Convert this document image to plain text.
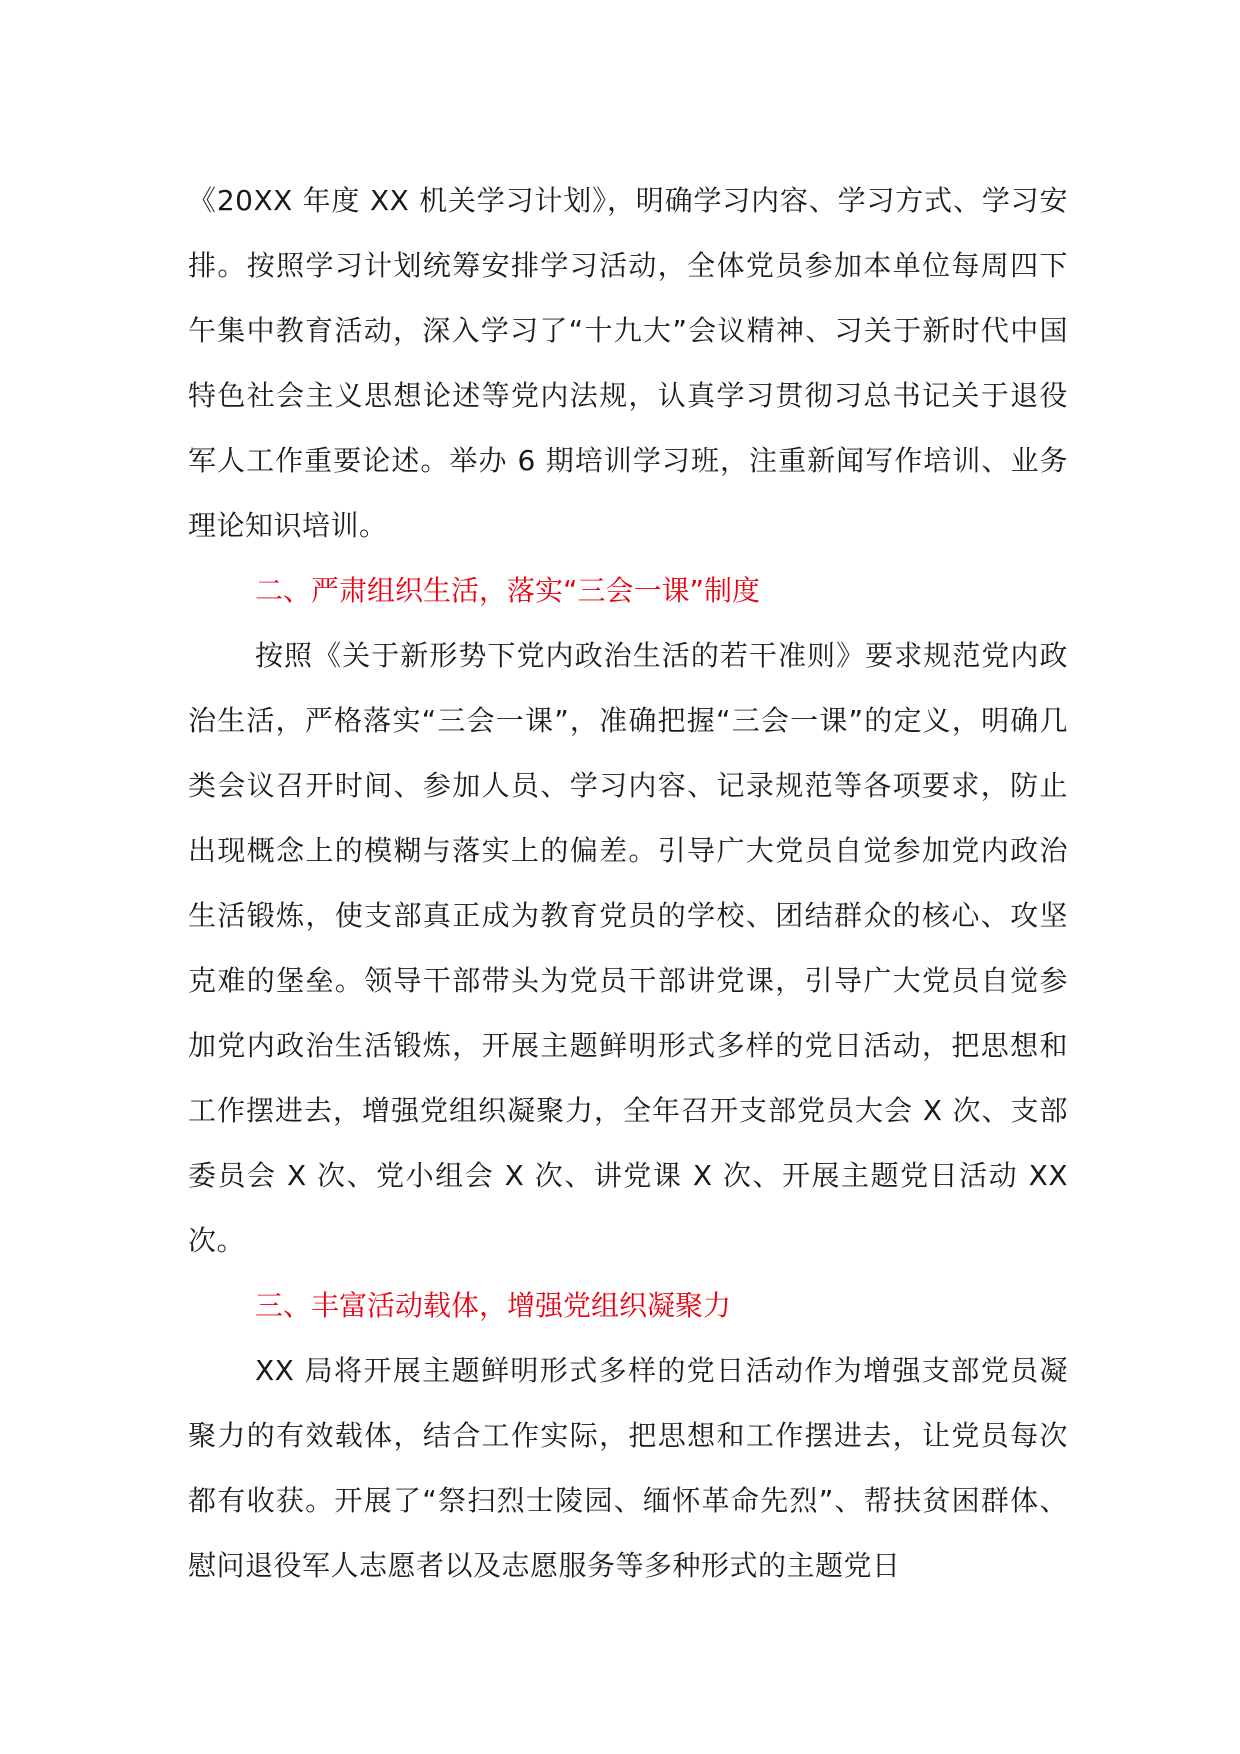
《20XX 年度 XX 机关学习计划》，明确学习内容、学习方式、学习安排。按照学习计划统筹安排学习活动，全体党员参加本单位每周四下午集中教育活动，深入学习了“十九大”会议精神、习关于新时代中国特色社会主义思想论述等党内法规，认真学习贯彻习总书记关于退役军人工作重要论述。举办 6 期培训学习班，注重新闻写作培训、业务理论知识培训。

二、严肃组织生活，落实“三会一课”制度

按照《关于新形势下党内政治生活的若干准则》要求规范党内政治生活，严格落实“三会一课”，准确把握“三会一课”的定义，明确几类会议召开时间、参加人员、学习内容、记录规范等各项要求，防止出现概念上的模糊与落实上的偏差。引导广大党员自觉参加党内政治生活锻炼，使支部真正成为教育党员的学校、团结群众的核心、攻坚克难的堡垒。领导干部带头为党员干部讲党课，引导广大党员自觉参加党内政治生活锻炼，开展主题鲜明形式多样的党日活动，把思想和工作摆进去，增强党组织凝聚力，全年召开支部党员大会 X 次、支部委员会 X 次、党小组会 X 次、讲党课 X 次、开展主题党日活动 XX 次。

三、丰富活动载体，增强党组织凝聚力

XX 局将开展主题鲜明形式多样的党日活动作为增强支部党员凝聚力的有效载体，结合工作实际，把思想和工作摆进去，让党员每次都有收获。开展了“祭扫烈士陵园、缅怀革命先烈”、帮扶贫困群体、慰问退役军人志愿者以及志愿服务等多种形式的主题党日
